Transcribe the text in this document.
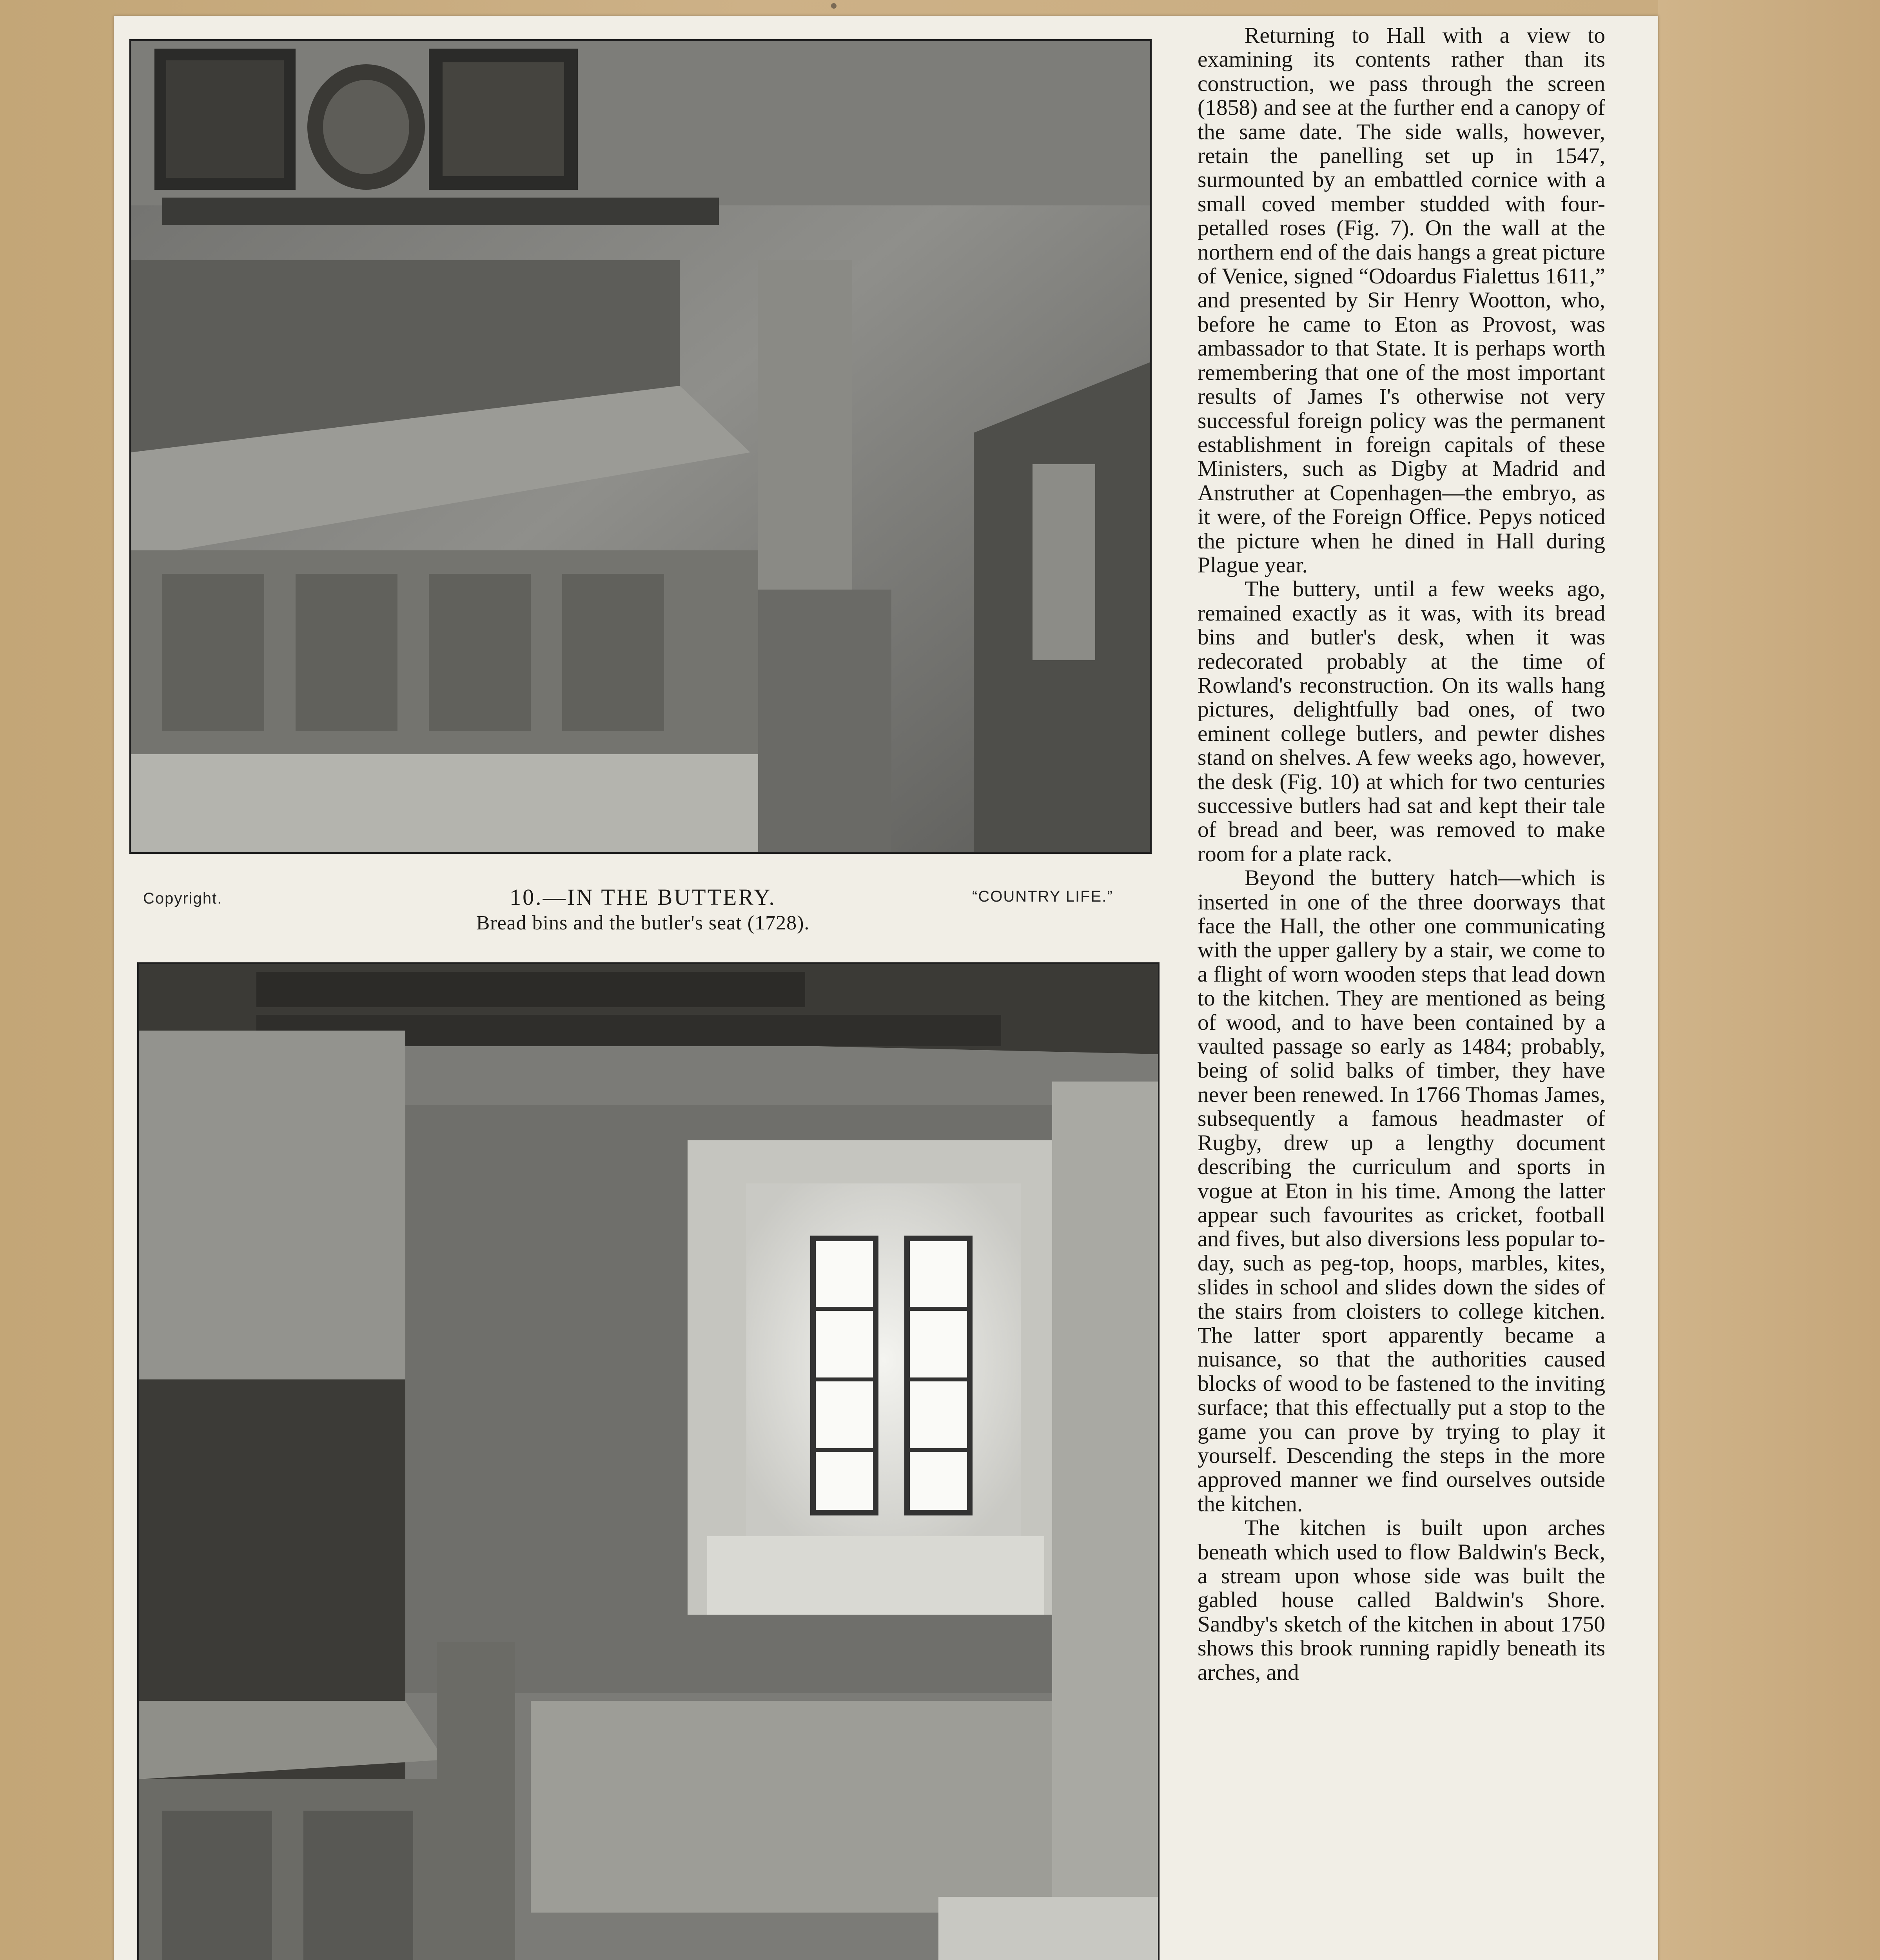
Copyright.	10.—IN THE BUTTERY.
Bread bins and the butler's seat (1728).
“COUNTRY LIFE.”

Returning to Hall with a view to examining its contents rather than its construction, we pass through the screen (1858) and see at the further end a canopy of the same date. The side walls, however, retain the panelling set up in 1547, surmounted by an embattled cornice with a small coved member studded with four-petalled roses (Fig. 7). On the wall at the northern end of the dais hangs a great picture of Venice, signed “Odoardus Fialettus 1611,” and presented by Sir Henry Wootton, who, before he came to Eton as Provost, was ambassador to that State. It is perhaps worth remembering that one of the most important results of James I's otherwise not very successful foreign policy was the permanent establishment in foreign capitals of these Ministers, such as Digby at Madrid and Anstruther at Copenhagen—the embryo, as it were, of the Foreign Office. Pepys noticed the picture when he dined in Hall during Plague year.

The buttery, until a few weeks ago, remained exactly as it was, with its bread bins and butler's desk, when it was redecorated probably at the time of Rowland's reconstruction. On its walls hang pictures, delightfully bad ones, of two eminent college butlers, and pewter dishes stand on shelves. A few weeks ago, however, the desk (Fig. 10) at which for two centuries successive butlers had sat and kept their tale of bread and beer, was removed to make room for a plate rack.

Beyond the buttery hatch—which is inserted in one of the three doorways that face the Hall, the other one communicating with the upper gallery by a stair, we come to a flight of worn wooden steps that lead down to the kitchen. They are mentioned as being of wood, and to have been contained by a vaulted passage so early as 1484; probably, being of solid balks of timber, they have never been renewed. In 1766 Thomas James, subsequently a famous headmaster of Rugby, drew up a lengthy document describing the curriculum and sports in vogue at Eton in his time. Among the latter appear such favourites as cricket, football and fives, but also diversions less popular to-day, such as peg-top, hoops, marbles, kites, slides in school and slides down the sides of the stairs from cloisters to college kitchen. The latter sport apparently became a nuisance, so that the authorities caused blocks of wood to be fastened to the inviting surface; that this effectually put a stop to the game you can prove by trying to play it yourself. Descending the steps in the more approved manner we find ourselves outside the kitchen.

The kitchen is built upon arches beneath which used to flow Baldwin's Beck, a stream upon whose side was built the gabled house called Baldwin's Shore. Sandby's sketch of the kitchen in about 1750 shows this brook running rapidly beneath its arches, and
